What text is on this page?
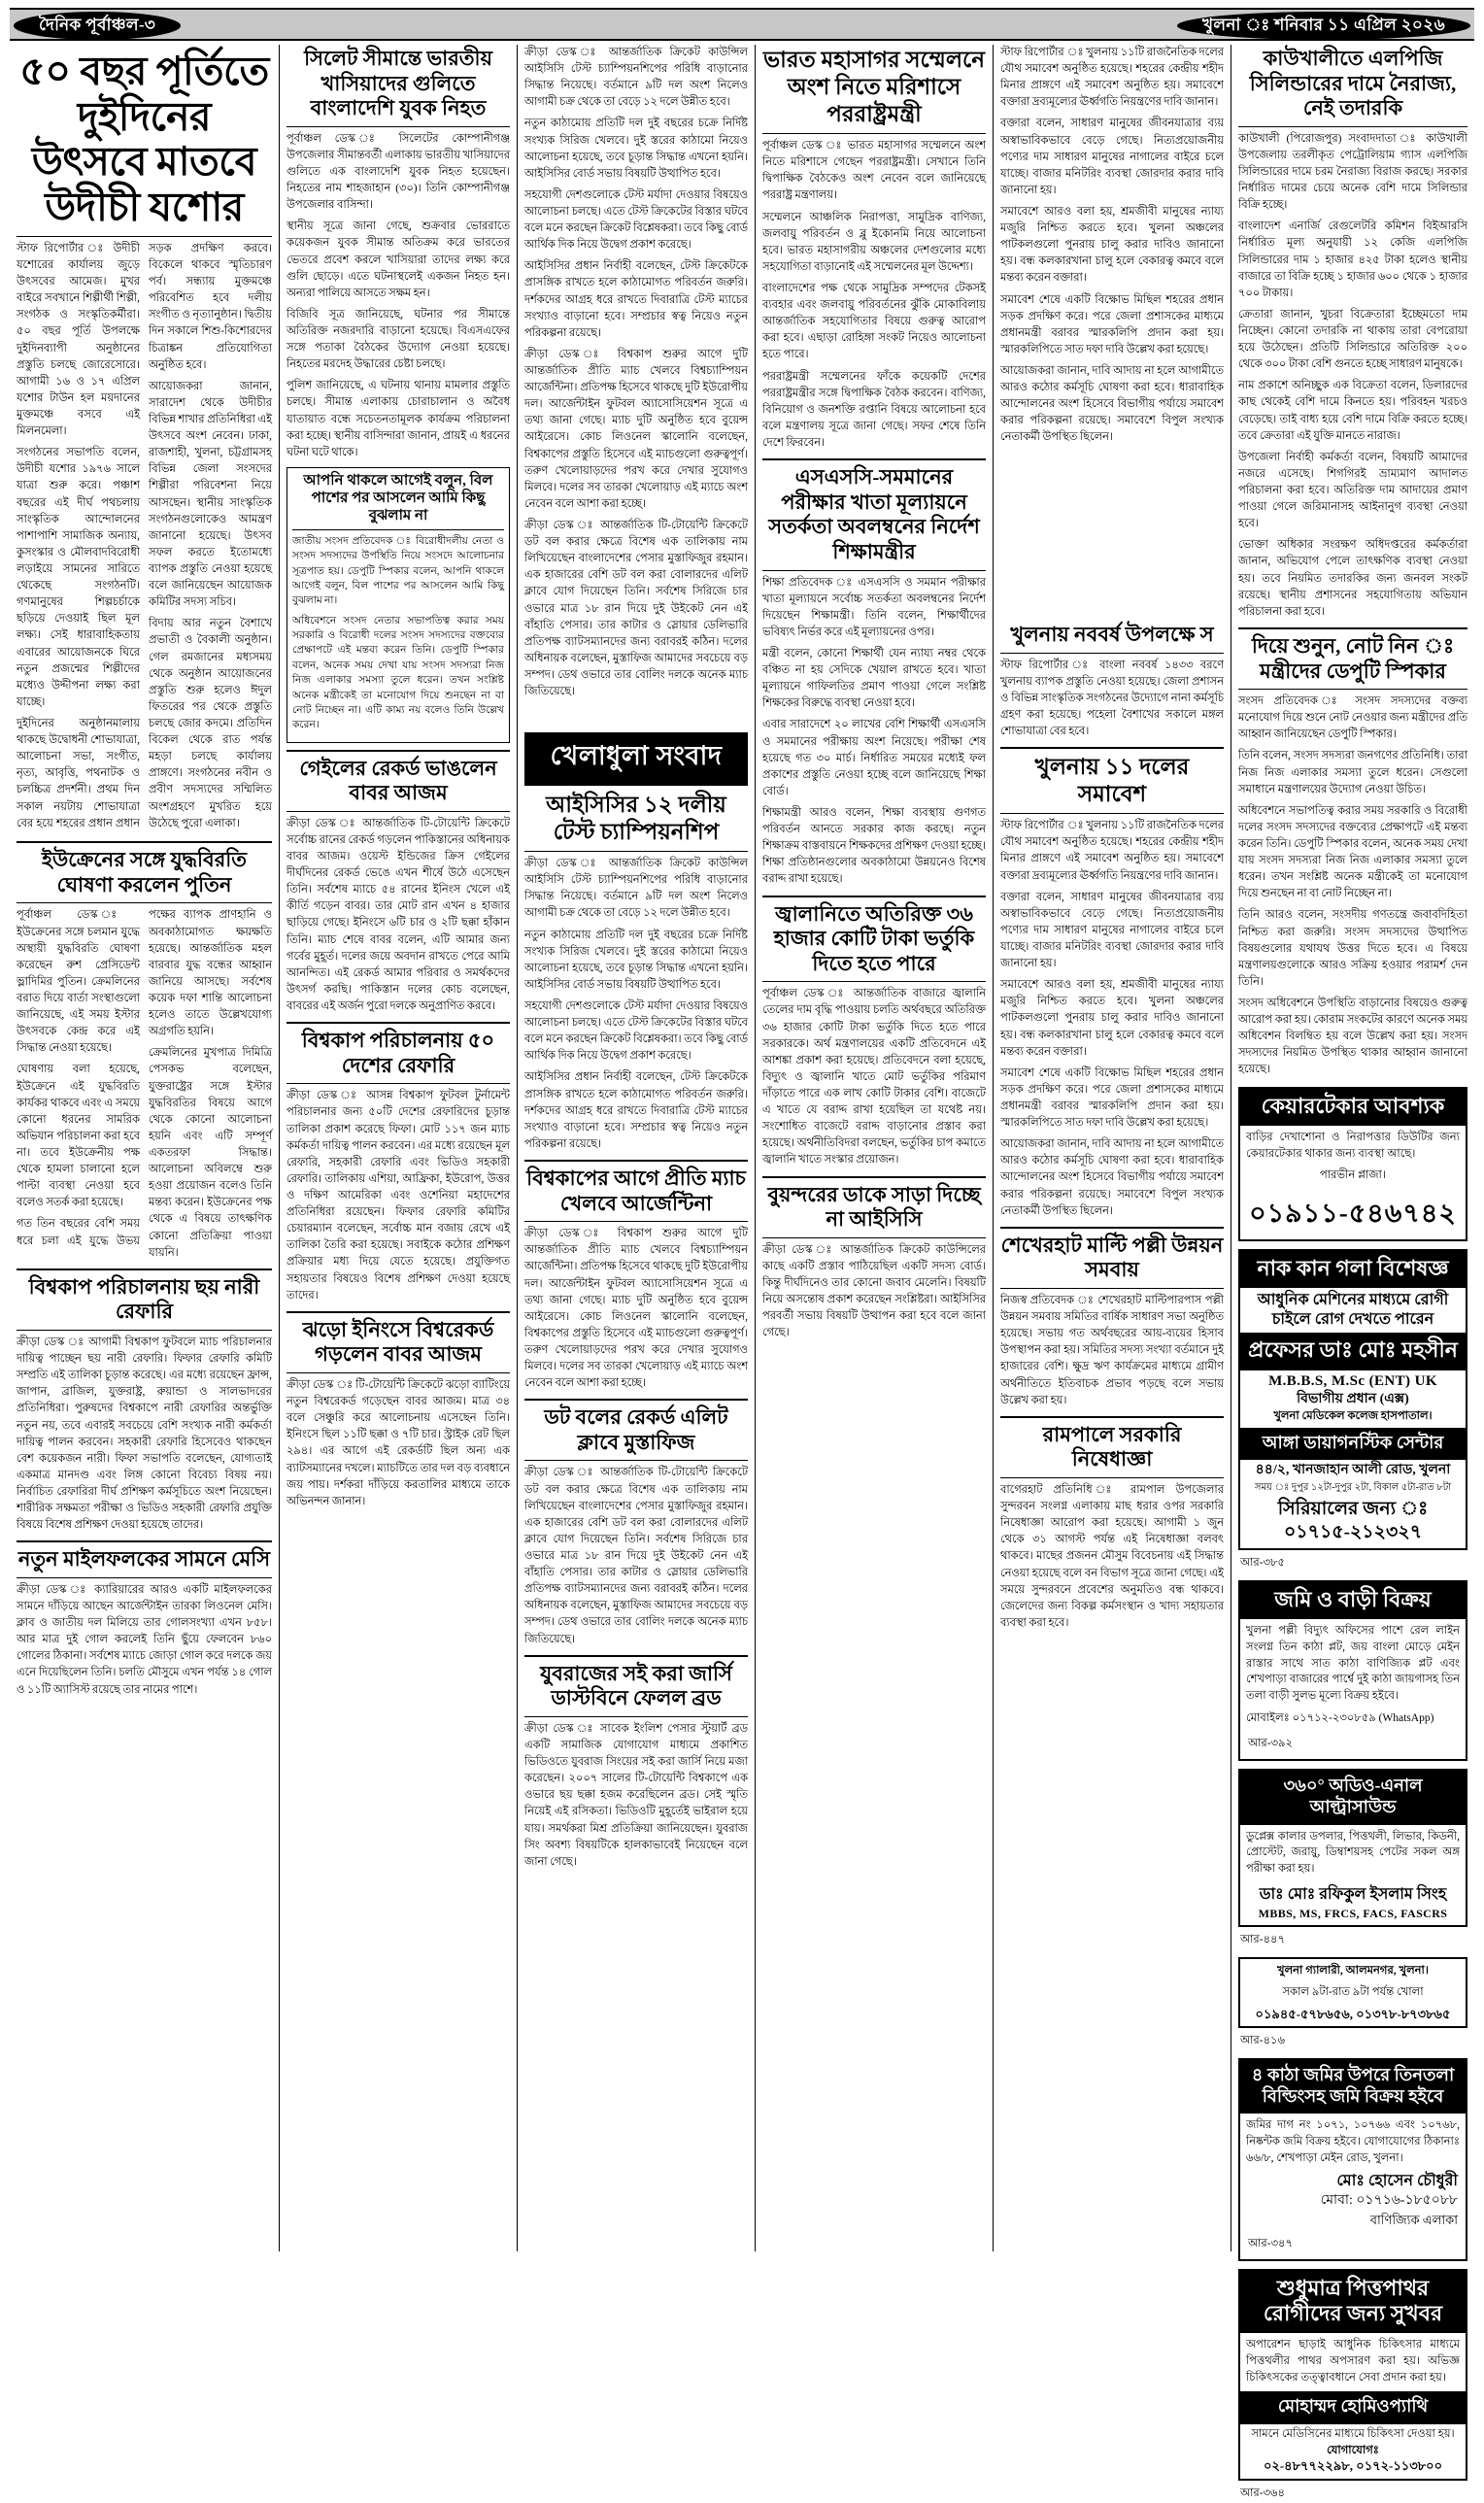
দৈনিক পূর্বাঞ্চল-৩	খুলনা ঃ শনিবার ১১ এপ্রিল ২০২৬
৫০ বছর পূর্তিতে দুইদিনের উৎসবে মাতবে উদীচী যশোর

স্টাফ রিপোর্টার ঃ উদীচী যশোরের কার্যালয় জুড়ে উৎসবের আমেজ। মুখর বাইরে সবখানে শিল্পীর্থী শিল্পী, সংগঠক ও সংস্কৃতিকর্মীরা। ৫০ বছর পূর্তি উপলক্ষে দুইদিনব্যাপী অনুষ্ঠানের প্রস্তুতি চলছে জোরেসোরে। আগামী ১৬ ও ১৭ এপ্রিল যশোর টাউন হল ময়দানের মুক্তমঞ্চে বসবে এই মিলনমেলা।

সংগঠনের সভাপতি বলেন, উদীচী যশোর ১৯৭৬ সালে যাত্রা শুরু করে। পঞ্চাশ বছরের এই দীর্ঘ পথচলায় সাংস্কৃতিক আন্দোলনের পাশাপাশি সামাজিক অন্যায়, কুসংস্কার ও মৌলবাদবিরোধী লড়াইয়ে সামনের সারিতে থেকেছে সংগঠনটি। গণমানুষের শিল্পচর্চাকে ছড়িয়ে দেওয়াই ছিল মূল লক্ষ্য। সেই ধারাবাহিকতায় এবারের আয়োজনকে ঘিরে নতুন প্রজন্মের শিল্পীদের মধ্যেও উদ্দীপনা লক্ষ্য করা যাচ্ছে।

দুইদিনের অনুষ্ঠানমালায় থাকছে উদ্বোধনী শোভাযাত্রা, আলোচনা সভা, সংগীত, নৃত্য, আবৃত্তি, পথনাটক ও চলচ্চিত্র প্রদর্শনী। প্রথম দিন সকাল নয়টায় শোভাযাত্রা বের হয়ে শহরের প্রধান প্রধান সড়ক প্রদক্ষিণ করবে। বিকেলে থাকবে স্মৃতিচারণ পর্ব। সন্ধ্যায় মুক্তমঞ্চে পরিবেশিত হবে দলীয় সংগীত ও নৃত্যানুষ্ঠান। দ্বিতীয় দিন সকালে শিশু-কিশোরদের চিত্রাঙ্কন প্রতিযোগিতা অনুষ্ঠিত হবে।

আয়োজকরা জানান, সারাদেশ থেকে উদীচীর বিভিন্ন শাখার প্রতিনিধিরা এই উৎসবে অংশ নেবেন। ঢাকা, রাজশাহী, খুলনা, চট্টগ্রামসহ বিভিন্ন জেলা সংসদের শিল্পীরা পরিবেশনা নিয়ে আসছেন। স্থানীয় সাংস্কৃতিক সংগঠনগুলোকেও আমন্ত্রণ জানানো হয়েছে। উৎসব সফল করতে ইতোমধ্যে ব্যাপক প্রস্তুতি নেওয়া হয়েছে বলে জানিয়েছেন আয়োজক কমিটির সদস্য সচিব।

বিদায় আর নতুন বৈশাখে প্রভাতী ও বৈকালী অনুষ্ঠান। গেল রমজানের মধ্যসময় থেকে অনুষ্ঠান আয়োজনের প্রস্তুতি শুরু হলেও ঈদুল ফিতরের পর থেকে প্রস্তুতি চলছে জোর কদমে। প্রতিদিন বিকেল থেকে রাত পর্যন্ত মহড়া চলছে কার্যালয় প্রাঙ্গণে। সংগঠনের নবীন ও প্রবীণ সদস্যদের সম্মিলিত অংশগ্রহণে মুখরিত হয়ে উঠেছে পুরো এলাকা।

ইউক্রেনের সঙ্গে যুদ্ধবিরতি ঘোষণা করলেন পুতিন

পূর্বাঞ্চল ডেস্ক ঃ ইউক্রেনের সঙ্গে চলমান যুদ্ধে অস্থায়ী যুদ্ধবিরতি ঘোষণা করেছেন রুশ প্রেসিডেন্ট ভ্লাদিমির পুতিন। ক্রেমলিনের বরাত দিয়ে বার্তা সংস্থাগুলো জানিয়েছে, এই সময় ইস্টার উৎসবকে কেন্দ্র করে এই সিদ্ধান্ত নেওয়া হয়েছে।

ঘোষণায় বলা হয়েছে, ইউক্রেনে এই যুদ্ধবিরতি কার্যকর থাকবে এবং এ সময়ে কোনো ধরনের সামরিক অভিযান পরিচালনা করা হবে না। তবে ইউক্রেনীয় পক্ষ থেকে হামলা চালানো হলে পাল্টা ব্যবস্থা নেওয়া হবে বলেও সতর্ক করা হয়েছে।

গত তিন বছরের বেশি সময় ধরে চলা এই যুদ্ধে উভয় পক্ষের ব্যাপক প্রাণহানি ও অবকাঠামোগত ক্ষয়ক্ষতি হয়েছে। আন্তর্জাতিক মহল বারবার যুদ্ধ বন্ধের আহ্বান জানিয়ে আসছে। সর্বশেষ কয়েক দফা শান্তি আলোচনা হলেও তাতে উল্লেখযোগ্য অগ্রগতি হয়নি।

ক্রেমলিনের মুখপাত্র দিমিত্রি পেসকভ বলেছেন, যুক্তরাষ্ট্রের সঙ্গে ইস্টার যুদ্ধবিরতির বিষয়ে আগে থেকে কোনো আলোচনা হয়নি এবং এটি সম্পূর্ণ একতরফা সিদ্ধান্ত। আলোচনা অবিলম্বে শুরু হওয়া প্রয়োজন বলেও তিনি মন্তব্য করেন। ইউক্রেনের পক্ষ থেকে এ বিষয়ে তাৎক্ষণিক কোনো প্রতিক্রিয়া পাওয়া যায়নি।

বিশ্বকাপ পরিচালনায় ছয় নারী রেফারি

ক্রীড়া ডেস্ক ঃ আগামী বিশ্বকাপ ফুটবলে ম্যাচ পরিচালনার দায়িত্ব পাচ্ছেন ছয় নারী রেফারি। ফিফার রেফারি কমিটি সম্প্রতি এই তালিকা চূড়ান্ত করেছে। এর মধ্যে রয়েছেন ফ্রান্স, জাপান, ব্রাজিল, যুক্তরাষ্ট্র, রুয়ান্ডা ও সালভাদরের প্রতিনিধিরা। পুরুষদের বিশ্বকাপে নারী রেফারির অন্তর্ভুক্তি নতুন নয়, তবে এবারই সবচেয়ে বেশি সংখ্যক নারী কর্মকর্তা দায়িত্ব পালন করবেন। সহকারী রেফারি হিসেবেও থাকছেন বেশ কয়েকজন নারী। ফিফা সভাপতি বলেছেন, যোগ্যতাই একমাত্র মানদণ্ড এবং লিঙ্গ কোনো বিবেচ্য বিষয় নয়। নির্বাচিত রেফারিরা দীর্ঘ প্রশিক্ষণ কর্মসূচিতে অংশ নিয়েছেন। শারীরিক সক্ষমতা পরীক্ষা ও ভিডিও সহকারী রেফারি প্রযুক্তি বিষয়ে বিশেষ প্রশিক্ষণ দেওয়া হয়েছে তাদের।

নতুন মাইলফলকের সামনে মেসি

ক্রীড়া ডেস্ক ঃ ক্যারিয়ারের আরও একটি মাইলফলকের সামনে দাঁড়িয়ে আছেন আর্জেন্টাইন তারকা লিওনেল মেসি। ক্লাব ও জাতীয় দল মিলিয়ে তার গোলসংখ্যা এখন ৮৫৮। আর মাত্র দুই গোল করলেই তিনি ছুঁয়ে ফেলবেন ৮৬০ গোলের ঠিকানা। সর্বশেষ ম্যাচে জোড়া গোল করে দলকে জয় এনে দিয়েছিলেন তিনি। চলতি মৌসুমে এখন পর্যন্ত ১৪ গোল ও ১১টি অ্যাসিস্ট রয়েছে তার নামের পাশে।

সিলেট সীমান্তে ভারতীয় খাসিয়াদের গুলিতে বাংলাদেশি যুবক নিহত

পূর্বাঞ্চল ডেস্ক ঃ সিলেটের কোম্পানীগঞ্জ উপজেলার সীমান্তবর্তী এলাকায় ভারতীয় খাসিয়াদের গুলিতে এক বাংলাদেশি যুবক নিহত হয়েছেন। নিহতের নাম শাহজাহান (৩০)। তিনি কোম্পানীগঞ্জ উপজেলার বাসিন্দা।

স্থানীয় সূত্রে জানা গেছে, শুক্রবার ভোররাতে কয়েকজন যুবক সীমান্ত অতিক্রম করে ভারতের ভেতরে প্রবেশ করলে খাসিয়ারা তাদের লক্ষ্য করে গুলি ছোড়ে। এতে ঘটনাস্থলেই একজন নিহত হন। অন্যরা পালিয়ে আসতে সক্ষম হন।

বিজিবি সূত্র জানিয়েছে, ঘটনার পর সীমান্তে অতিরিক্ত নজরদারি বাড়ানো হয়েছে। বিএসএফের সঙ্গে পতাকা বৈঠকের উদ্যোগ নেওয়া হয়েছে। নিহতের মরদেহ উদ্ধারের চেষ্টা চলছে।

পুলিশ জানিয়েছে, এ ঘটনায় থানায় মামলার প্রস্তুতি চলছে। সীমান্ত এলাকায় চোরাচালান ও অবৈধ যাতায়াত বন্ধে সচেতনতামূলক কার্যক্রম পরিচালনা করা হচ্ছে। স্থানীয় বাসিন্দারা জানান, প্রায়ই এ ধরনের ঘটনা ঘটে থাকে।

আপনি থাকলে আগেই বলুন, বিল পাশের পর আসলেন আমি কিছু বুঝলাম না

জাতীয় সংসদ প্রতিবেদক ঃ বিরোধীদলীয় নেতা ও সংসদ সদস্যদের উপস্থিতি নিয়ে সংসদে আলোচনার সূত্রপাত হয়। ডেপুটি স্পিকার বলেন, আপনি থাকলে আগেই বলুন, বিল পাশের পর আসলেন আমি কিছু বুঝলাম না।

অধিবেশনে সংসদ নেতার সভাপতিত্ব করার সময় সরকারি ও বিরোধী দলের সংসদ সদস্যদের বক্তব্যের প্রেক্ষাপটে এই মন্তব্য করেন তিনি। ডেপুটি স্পিকার বলেন, অনেক সময় দেখা যায় সংসদ সদস্যরা নিজ নিজ এলাকার সমস্যা তুলে ধরেন। তখন সংশ্লিষ্ট অনেক মন্ত্রীকেই তা মনোযোগ দিয়ে শুনছেন না বা নোট নিচ্ছেন না। এটি কাম্য নয় বলেও তিনি উল্লেখ করেন।

গেইলের রেকর্ড ভাঙলেন বাবর আজম

ক্রীড়া ডেস্ক ঃ আন্তর্জাতিক টি-টোয়েন্টি ক্রিকেটে সর্বোচ্চ রানের রেকর্ড গড়লেন পাকিস্তানের অধিনায়ক বাবর আজম। ওয়েস্ট ইন্ডিজের ক্রিস গেইলের দীর্ঘদিনের রেকর্ড ভেঙে এখন শীর্ষে উঠে এসেছেন তিনি। সর্বশেষ ম্যাচে ৫৪ রানের ইনিংস খেলে এই কীর্তি গড়েন বাবর। তার মোট রান এখন ৪ হাজার ছাড়িয়ে গেছে। ইনিংসে ৬টি চার ও ২টি ছক্কা হাঁকান তিনি। ম্যাচ শেষে বাবর বলেন, এটি আমার জন্য গর্বের মুহূর্ত। দলের জয়ে অবদান রাখতে পেরে আমি আনন্দিত। এই রেকর্ড আমার পরিবার ও সমর্থকদের উৎসর্গ করছি। পাকিস্তান দলের কোচ বলেছেন, বাবরের এই অর্জন পুরো দলকে অনুপ্রাণিত করবে।

বিশ্বকাপ পরিচালনায় ৫০ দেশের রেফারি

ক্রীড়া ডেস্ক ঃ আসন্ন বিশ্বকাপ ফুটবল টুর্নামেন্ট পরিচালনার জন্য ৫০টি দেশের রেফারিদের চূড়ান্ত তালিকা প্রকাশ করেছে ফিফা। মোট ১১৭ জন ম্যাচ কর্মকর্তা দায়িত্ব পালন করবেন। এর মধ্যে রয়েছেন মূল রেফারি, সহকারী রেফারি এবং ভিডিও সহকারী রেফারি। তালিকায় এশিয়া, আফ্রিকা, ইউরোপ, উত্তর ও দক্ষিণ আমেরিকা এবং ওশেনিয়া মহাদেশের প্রতিনিধিরা রয়েছেন। ফিফার রেফারি কমিটির চেয়ারম্যান বলেছেন, সর্বোচ্চ মান বজায় রেখে এই তালিকা তৈরি করা হয়েছে। সবাইকে কঠোর প্রশিক্ষণ প্রক্রিয়ার মধ্য দিয়ে যেতে হয়েছে। প্রযুক্তিগত সহায়তার বিষয়েও বিশেষ প্রশিক্ষণ দেওয়া হয়েছে তাদের।

ঝড়ো ইনিংসে বিশ্বরেকর্ড গড়লেন বাবর আজম

ক্রীড়া ডেস্ক ঃ টি-টোয়েন্টি ক্রিকেটে ঝড়ো ব্যাটিংয়ে নতুন বিশ্বরেকর্ড গড়েছেন বাবর আজম। মাত্র ৩৪ বলে সেঞ্চুরি করে আলোচনায় এসেছেন তিনি। ইনিংসে ছিল ১১টি ছক্কা ও ৭টি চার। স্ট্রাইক রেট ছিল ২৯৪। এর আগে এই রেকর্ডটি ছিল অন্য এক ব্যাটসম্যানের দখলে। ম্যাচটিতে তার দল বড় ব্যবধানে জয় পায়। দর্শকরা দাঁড়িয়ে করতালির মাধ্যমে তাকে অভিনন্দন জানান।

ক্রীড়া ডেস্ক ঃ আন্তর্জাতিক ক্রিকেট কাউন্সিল আইসিসি টেস্ট চ্যাম্পিয়নশিপের পরিধি বাড়ানোর সিদ্ধান্ত নিয়েছে। বর্তমানে ৯টি দল অংশ নিলেও আগামী চক্র থেকে তা বেড়ে ১২ দলে উন্নীত হবে।

নতুন কাঠামোয় প্রতিটি দল দুই বছরের চক্রে নির্দিষ্ট সংখ্যক সিরিজ খেলবে। দুই স্তরের কাঠামো নিয়েও আলোচনা হয়েছে, তবে চূড়ান্ত সিদ্ধান্ত এখনো হয়নি। আইসিসির বোর্ড সভায় বিষয়টি উত্থাপিত হবে।

সহযোগী দেশগুলোকে টেস্ট মর্যাদা দেওয়ার বিষয়েও আলোচনা চলছে। এতে টেস্ট ক্রিকেটের বিস্তার ঘটবে বলে মনে করছেন ক্রিকেট বিশ্লেষকরা। তবে কিছু বোর্ড আর্থিক দিক নিয়ে উদ্বেগ প্রকাশ করেছে।

আইসিসির প্রধান নির্বাহী বলেছেন, টেস্ট ক্রিকেটকে প্রাসঙ্গিক রাখতে হলে কাঠামোগত পরিবর্তন জরুরি। দর্শকদের আগ্রহ ধরে রাখতে দিবারাত্রি টেস্ট ম্যাচের সংখ্যাও বাড়ানো হবে। সম্প্রচার স্বত্ব নিয়েও নতুন পরিকল্পনা রয়েছে।

ক্রীড়া ডেস্ক ঃ বিশ্বকাপ শুরুর আগে দুটি আন্তর্জাতিক প্রীতি ম্যাচ খেলবে বিশ্বচ্যাম্পিয়ন আর্জেন্টিনা। প্রতিপক্ষ হিসেবে থাকছে দুটি ইউরোপীয় দল। আর্জেন্টাইন ফুটবল অ্যাসোসিয়েশন সূত্রে এ তথ্য জানা গেছে। ম্যাচ দুটি অনুষ্ঠিত হবে বুয়েন্স আইরেসে। কোচ লিওনেল স্কালোনি বলেছেন, বিশ্বকাপের প্রস্তুতি হিসেবে এই ম্যাচগুলো গুরুত্বপূর্ণ। তরুণ খেলোয়াড়দের পরখ করে দেখার সুযোগও মিলবে। দলের সব তারকা খেলোয়াড় এই ম্যাচে অংশ নেবেন বলে আশা করা হচ্ছে।

ক্রীড়া ডেস্ক ঃ আন্তর্জাতিক টি-টোয়েন্টি ক্রিকেটে ডট বল করার ক্ষেত্রে বিশেষ এক তালিকায় নাম লিখিয়েছেন বাংলাদেশের পেসার মুস্তাফিজুর রহমান। এক হাজারের বেশি ডট বল করা বোলারদের এলিট ক্লাবে যোগ দিয়েছেন তিনি। সর্বশেষ সিরিজে চার ওভারে মাত্র ১৮ রান দিয়ে দুই উইকেট নেন এই বাঁহাতি পেসার। তার কাটার ও স্লোয়ার ডেলিভারি প্রতিপক্ষ ব্যাটসম্যানদের জন্য বরাবরই কঠিন। দলের অধিনায়ক বলেছেন, মুস্তাফিজ আমাদের সবচেয়ে বড় সম্পদ। ডেথ ওভারে তার বোলিং দলকে অনেক ম্যাচ জিতিয়েছে।

খেলাধুলা সংবাদ
আইসিসির ১২ দলীয় টেস্ট চ্যাম্পিয়নশিপ

ক্রীড়া ডেস্ক ঃ আন্তর্জাতিক ক্রিকেট কাউন্সিল আইসিসি টেস্ট চ্যাম্পিয়নশিপের পরিধি বাড়ানোর সিদ্ধান্ত নিয়েছে। বর্তমানে ৯টি দল অংশ নিলেও আগামী চক্র থেকে তা বেড়ে ১২ দলে উন্নীত হবে।

নতুন কাঠামোয় প্রতিটি দল দুই বছরের চক্রে নির্দিষ্ট সংখ্যক সিরিজ খেলবে। দুই স্তরের কাঠামো নিয়েও আলোচনা হয়েছে, তবে চূড়ান্ত সিদ্ধান্ত এখনো হয়নি। আইসিসির বোর্ড সভায় বিষয়টি উত্থাপিত হবে।

সহযোগী দেশগুলোকে টেস্ট মর্যাদা দেওয়ার বিষয়েও আলোচনা চলছে। এতে টেস্ট ক্রিকেটের বিস্তার ঘটবে বলে মনে করছেন ক্রিকেট বিশ্লেষকরা। তবে কিছু বোর্ড আর্থিক দিক নিয়ে উদ্বেগ প্রকাশ করেছে।

আইসিসির প্রধান নির্বাহী বলেছেন, টেস্ট ক্রিকেটকে প্রাসঙ্গিক রাখতে হলে কাঠামোগত পরিবর্তন জরুরি। দর্শকদের আগ্রহ ধরে রাখতে দিবারাত্রি টেস্ট ম্যাচের সংখ্যাও বাড়ানো হবে। সম্প্রচার স্বত্ব নিয়েও নতুন পরিকল্পনা রয়েছে।

বিশ্বকাপের আগে প্রীতি ম্যাচ খেলবে আর্জেন্টিনা

ক্রীড়া ডেস্ক ঃ বিশ্বকাপ শুরুর আগে দুটি আন্তর্জাতিক প্রীতি ম্যাচ খেলবে বিশ্বচ্যাম্পিয়ন আর্জেন্টিনা। প্রতিপক্ষ হিসেবে থাকছে দুটি ইউরোপীয় দল। আর্জেন্টাইন ফুটবল অ্যাসোসিয়েশন সূত্রে এ তথ্য জানা গেছে। ম্যাচ দুটি অনুষ্ঠিত হবে বুয়েন্স আইরেসে। কোচ লিওনেল স্কালোনি বলেছেন, বিশ্বকাপের প্রস্তুতি হিসেবে এই ম্যাচগুলো গুরুত্বপূর্ণ। তরুণ খেলোয়াড়দের পরখ করে দেখার সুযোগও মিলবে। দলের সব তারকা খেলোয়াড় এই ম্যাচে অংশ নেবেন বলে আশা করা হচ্ছে।

ডট বলের রেকর্ড এলিট ক্লাবে মুস্তাফিজ

ক্রীড়া ডেস্ক ঃ আন্তর্জাতিক টি-টোয়েন্টি ক্রিকেটে ডট বল করার ক্ষেত্রে বিশেষ এক তালিকায় নাম লিখিয়েছেন বাংলাদেশের পেসার মুস্তাফিজুর রহমান। এক হাজারের বেশি ডট বল করা বোলারদের এলিট ক্লাবে যোগ দিয়েছেন তিনি। সর্বশেষ সিরিজে চার ওভারে মাত্র ১৮ রান দিয়ে দুই উইকেট নেন এই বাঁহাতি পেসার। তার কাটার ও স্লোয়ার ডেলিভারি প্রতিপক্ষ ব্যাটসম্যানদের জন্য বরাবরই কঠিন। দলের অধিনায়ক বলেছেন, মুস্তাফিজ আমাদের সবচেয়ে বড় সম্পদ। ডেথ ওভারে তার বোলিং দলকে অনেক ম্যাচ জিতিয়েছে।

যুবরাজের সই করা জার্সি ডাস্টবিনে ফেলল ব্রড

ক্রীড়া ডেস্ক ঃ সাবেক ইংলিশ পেসার স্টুয়ার্ট ব্রড একটি সামাজিক যোগাযোগ মাধ্যমে প্রকাশিত ভিডিওতে যুবরাজ সিংয়ের সই করা জার্সি নিয়ে মজা করেছেন। ২০০৭ সালের টি-টোয়েন্টি বিশ্বকাপে এক ওভারে ছয় ছক্কা হজম করেছিলেন ব্রড। সেই স্মৃতি নিয়েই এই রসিকতা। ভিডিওটি মুহূর্তেই ভাইরাল হয়ে যায়। সমর্থকরা মিশ্র প্রতিক্রিয়া জানিয়েছেন। যুবরাজ সিং অবশ্য বিষয়টিকে হালকাভাবেই নিয়েছেন বলে জানা গেছে।

ভারত মহাসাগর সম্মেলনে অংশ নিতে মরিশাসে পররাষ্ট্রমন্ত্রী

পূর্বাঞ্চল ডেস্ক ঃ ভারত মহাসাগর সম্মেলনে অংশ নিতে মরিশাসে গেছেন পররাষ্ট্রমন্ত্রী। সেখানে তিনি দ্বিপাক্ষিক বৈঠকেও অংশ নেবেন বলে জানিয়েছে পররাষ্ট্র মন্ত্রণালয়।

সম্মেলনে আঞ্চলিক নিরাপত্তা, সামুদ্রিক বাণিজ্য, জলবায়ু পরিবর্তন ও ব্লু ইকোনমি নিয়ে আলোচনা হবে। ভারত মহাসাগরীয় অঞ্চলের দেশগুলোর মধ্যে সহযোগিতা বাড়ানোই এই সম্মেলনের মূল উদ্দেশ্য।

বাংলাদেশের পক্ষ থেকে সামুদ্রিক সম্পদের টেকসই ব্যবহার এবং জলবায়ু পরিবর্তনের ঝুঁকি মোকাবিলায় আন্তর্জাতিক সহযোগিতার বিষয়ে গুরুত্ব আরোপ করা হবে। এছাড়া রোহিঙ্গা সংকট নিয়েও আলোচনা হতে পারে।

পররাষ্ট্রমন্ত্রী সম্মেলনের ফাঁকে কয়েকটি দেশের পররাষ্ট্রমন্ত্রীর সঙ্গে দ্বিপাক্ষিক বৈঠক করবেন। বাণিজ্য, বিনিয়োগ ও জনশক্তি রপ্তানি বিষয়ে আলোচনা হবে বলে মন্ত্রণালয় সূত্রে জানা গেছে। সফর শেষে তিনি দেশে ফিরবেন।

এসএসসি-সমমানের পরীক্ষার খাতা মূল্যায়নে সতর্কতা অবলম্বনের নির্দেশ শিক্ষামন্ত্রীর

শিক্ষা প্রতিবেদক ঃ এসএসসি ও সমমান পরীক্ষার খাতা মূল্যায়নে সর্বোচ্চ সতর্কতা অবলম্বনের নির্দেশ দিয়েছেন শিক্ষামন্ত্রী। তিনি বলেন, শিক্ষার্থীদের ভবিষ্যৎ নির্ভর করে এই মূল্যায়নের ওপর।

মন্ত্রী বলেন, কোনো শিক্ষার্থী যেন ন্যায্য নম্বর থেকে বঞ্চিত না হয় সেদিকে খেয়াল রাখতে হবে। খাতা মূল্যায়নে গাফিলতির প্রমাণ পাওয়া গেলে সংশ্লিষ্ট শিক্ষকের বিরুদ্ধে ব্যবস্থা নেওয়া হবে।

এবার সারাদেশে ২০ লাখের বেশি শিক্ষার্থী এসএসসি ও সমমানের পরীক্ষায় অংশ নিয়েছে। পরীক্ষা শেষ হয়েছে গত ৩০ মার্চ। নির্ধারিত সময়ের মধ্যেই ফল প্রকাশের প্রস্তুতি নেওয়া হচ্ছে বলে জানিয়েছে শিক্ষা বোর্ড।

শিক্ষামন্ত্রী আরও বলেন, শিক্ষা ব্যবস্থায় গুণগত পরিবর্তন আনতে সরকার কাজ করছে। নতুন শিক্ষাক্রম বাস্তবায়নে শিক্ষকদের প্রশিক্ষণ দেওয়া হচ্ছে। শিক্ষা প্রতিষ্ঠানগুলোর অবকাঠামো উন্নয়নেও বিশেষ বরাদ্দ রাখা হয়েছে।

জ্বালানিতে অতিরিক্ত ৩৬ হাজার কোটি টাকা ভর্তুকি দিতে হতে পারে

পূর্বাঞ্চল ডেস্ক ঃ আন্তর্জাতিক বাজারে জ্বালানি তেলের দাম বৃদ্ধি পাওয়ায় চলতি অর্থবছরে অতিরিক্ত ৩৬ হাজার কোটি টাকা ভর্তুকি দিতে হতে পারে সরকারকে। অর্থ মন্ত্রণালয়ের একটি প্রতিবেদনে এই আশঙ্কা প্রকাশ করা হয়েছে। প্রতিবেদনে বলা হয়েছে, বিদ্যুৎ ও জ্বালানি খাতে মোট ভর্তুকির পরিমাণ দাঁড়াতে পারে এক লাখ কোটি টাকার বেশি। বাজেটে এ খাতে যে বরাদ্দ রাখা হয়েছিল তা যথেষ্ট নয়। সংশোধিত বাজেটে বরাদ্দ বাড়ানোর প্রস্তাব করা হয়েছে। অর্থনীতিবিদরা বলছেন, ভর্তুকির চাপ কমাতে জ্বালানি খাতে সংস্কার প্রয়োজন।

বুয়ন্দরের ডাকে সাড়া দিচ্ছে না আইসিসি

ক্রীড়া ডেস্ক ঃ আন্তর্জাতিক ক্রিকেট কাউন্সিলের কাছে একটি প্রস্তাব পাঠিয়েছিল একটি সদস্য বোর্ড। কিন্তু দীর্ঘদিনেও তার কোনো জবাব মেলেনি। বিষয়টি নিয়ে অসন্তোষ প্রকাশ করেছেন সংশ্লিষ্টরা। আইসিসির পরবর্তী সভায় বিষয়টি উত্থাপন করা হবে বলে জানা গেছে।

স্টাফ রিপোর্টার ঃ খুলনায় ১১টি রাজনৈতিক দলের যৌথ সমাবেশ অনুষ্ঠিত হয়েছে। শহরের কেন্দ্রীয় শহীদ মিনার প্রাঙ্গণে এই সমাবেশ অনুষ্ঠিত হয়। সমাবেশে বক্তারা দ্রব্যমূল্যের ঊর্ধ্বগতি নিয়ন্ত্রণের দাবি জানান।

বক্তারা বলেন, সাধারণ মানুষের জীবনযাত্রার ব্যয় অস্বাভাবিকভাবে বেড়ে গেছে। নিত্যপ্রয়োজনীয় পণ্যের দাম সাধারণ মানুষের নাগালের বাইরে চলে যাচ্ছে। বাজার মনিটরিং ব্যবস্থা জোরদার করার দাবি জানানো হয়।

সমাবেশে আরও বলা হয়, শ্রমজীবী মানুষের ন্যায্য মজুরি নিশ্চিত করতে হবে। খুলনা অঞ্চলের পাটকলগুলো পুনরায় চালু করার দাবিও জানানো হয়। বন্ধ কলকারখানা চালু হলে বেকারত্ব কমবে বলে মন্তব্য করেন বক্তারা।

সমাবেশ শেষে একটি বিক্ষোভ মিছিল শহরের প্রধান সড়ক প্রদক্ষিণ করে। পরে জেলা প্রশাসকের মাধ্যমে প্রধানমন্ত্রী বরাবর স্মারকলিপি প্রদান করা হয়। স্মারকলিপিতে সাত দফা দাবি উল্লেখ করা হয়েছে।

আয়োজকরা জানান, দাবি আদায় না হলে আগামীতে আরও কঠোর কর্মসূচি ঘোষণা করা হবে। ধারাবাহিক আন্দোলনের অংশ হিসেবে বিভাগীয় পর্যায়ে সমাবেশ করার পরিকল্পনা রয়েছে। সমাবেশে বিপুল সংখ্যক নেতাকর্মী উপস্থিত ছিলেন।

খুলনায় নববর্ষ উপলক্ষে স

স্টাফ রিপোর্টার ঃ বাংলা নববর্ষ ১৪৩৩ বরণে খুলনায় ব্যাপক প্রস্তুতি নেওয়া হয়েছে। জেলা প্রশাসন ও বিভিন্ন সাংস্কৃতিক সংগঠনের উদ্যোগে নানা কর্মসূচি গ্রহণ করা হয়েছে। পহেলা বৈশাখের সকালে মঙ্গল শোভাযাত্রা বের হবে।

খুলনায় ১১ দলের সমাবেশ

স্টাফ রিপোর্টার ঃ খুলনায় ১১টি রাজনৈতিক দলের যৌথ সমাবেশ অনুষ্ঠিত হয়েছে। শহরের কেন্দ্রীয় শহীদ মিনার প্রাঙ্গণে এই সমাবেশ অনুষ্ঠিত হয়। সমাবেশে বক্তারা দ্রব্যমূল্যের ঊর্ধ্বগতি নিয়ন্ত্রণের দাবি জানান।

বক্তারা বলেন, সাধারণ মানুষের জীবনযাত্রার ব্যয় অস্বাভাবিকভাবে বেড়ে গেছে। নিত্যপ্রয়োজনীয় পণ্যের দাম সাধারণ মানুষের নাগালের বাইরে চলে যাচ্ছে। বাজার মনিটরিং ব্যবস্থা জোরদার করার দাবি জানানো হয়।

সমাবেশে আরও বলা হয়, শ্রমজীবী মানুষের ন্যায্য মজুরি নিশ্চিত করতে হবে। খুলনা অঞ্চলের পাটকলগুলো পুনরায় চালু করার দাবিও জানানো হয়। বন্ধ কলকারখানা চালু হলে বেকারত্ব কমবে বলে মন্তব্য করেন বক্তারা।

সমাবেশ শেষে একটি বিক্ষোভ মিছিল শহরের প্রধান সড়ক প্রদক্ষিণ করে। পরে জেলা প্রশাসকের মাধ্যমে প্রধানমন্ত্রী বরাবর স্মারকলিপি প্রদান করা হয়। স্মারকলিপিতে সাত দফা দাবি উল্লেখ করা হয়েছে।

আয়োজকরা জানান, দাবি আদায় না হলে আগামীতে আরও কঠোর কর্মসূচি ঘোষণা করা হবে। ধারাবাহিক আন্দোলনের অংশ হিসেবে বিভাগীয় পর্যায়ে সমাবেশ করার পরিকল্পনা রয়েছে। সমাবেশে বিপুল সংখ্যক নেতাকর্মী উপস্থিত ছিলেন।

শেখেরহাট মাল্টি পল্লী উন্নয়ন সমবায়

নিজস্ব প্রতিবেদক ঃ শেখেরহাট মাল্টিপারপাস পল্লী উন্নয়ন সমবায় সমিতির বার্ষিক সাধারণ সভা অনুষ্ঠিত হয়েছে। সভায় গত অর্থবছরের আয়-ব্যয়ের হিসাব উপস্থাপন করা হয়। সমিতির সদস্য সংখ্যা বর্তমানে দুই হাজারের বেশি। ক্ষুদ্র ঋণ কার্যক্রমের মাধ্যমে গ্রামীণ অর্থনীতিতে ইতিবাচক প্রভাব পড়ছে বলে সভায় উল্লেখ করা হয়।

রামপালে সরকারি নিষেধাজ্ঞা

বাগেরহাট প্রতিনিধি ঃ রামপাল উপজেলার সুন্দরবন সংলগ্ন এলাকায় মাছ ধরার ওপর সরকারি নিষেধাজ্ঞা আরোপ করা হয়েছে। আগামী ১ জুন থেকে ৩১ আগস্ট পর্যন্ত এই নিষেধাজ্ঞা বলবৎ থাকবে। মাছের প্রজনন মৌসুম বিবেচনায় এই সিদ্ধান্ত নেওয়া হয়েছে বলে বন বিভাগ সূত্রে জানা গেছে। এই সময়ে সুন্দরবনে প্রবেশের অনুমতিও বন্ধ থাকবে। জেলেদের জন্য বিকল্প কর্মসংস্থান ও খাদ্য সহায়তার ব্যবস্থা করা হবে।

কাউখালীতে এলপিজি সিলিন্ডারের দামে নৈরাজ্য, নেই তদারকি

কাউখালী (পিরোজপুর) সংবাদদাতা ঃ কাউখালী উপজেলায় তরলীকৃত পেট্রোলিয়াম গ্যাস এলপিজি সিলিন্ডারের দামে চরম নৈরাজ্য বিরাজ করছে। সরকার নির্ধারিত দামের চেয়ে অনেক বেশি দামে সিলিন্ডার বিক্রি হচ্ছে।

বাংলাদেশ এনার্জি রেগুলেটরি কমিশন বিইআরসি নির্ধারিত মূল্য অনুযায়ী ১২ কেজি এলপিজি সিলিন্ডারের দাম ১ হাজার ৪২৫ টাকা হলেও স্থানীয় বাজারে তা বিক্রি হচ্ছে ১ হাজার ৬০০ থেকে ১ হাজার ৭০০ টাকায়।

ক্রেতারা জানান, খুচরা বিক্রেতারা ইচ্ছেমতো দাম নিচ্ছেন। কোনো তদারকি না থাকায় তারা বেপরোয়া হয়ে উঠেছেন। প্রতিটি সিলিন্ডারে অতিরিক্ত ২০০ থেকে ৩০০ টাকা বেশি গুনতে হচ্ছে সাধারণ মানুষকে।

নাম প্রকাশে অনিচ্ছুক এক বিক্রেতা বলেন, ডিলারদের কাছ থেকেই বেশি দামে কিনতে হয়। পরিবহন খরচও বেড়েছে। তাই বাধ্য হয়ে বেশি দামে বিক্রি করতে হচ্ছে। তবে ক্রেতারা এই যুক্তি মানতে নারাজ।

উপজেলা নির্বাহী কর্মকর্তা বলেন, বিষয়টি আমাদের নজরে এসেছে। শিগগিরই ভ্রাম্যমাণ আদালত পরিচালনা করা হবে। অতিরিক্ত দাম আদায়ের প্রমাণ পাওয়া গেলে জরিমানাসহ আইনানুগ ব্যবস্থা নেওয়া হবে।

ভোক্তা অধিকার সংরক্ষণ অধিদপ্তরের কর্মকর্তারা জানান, অভিযোগ পেলে তাৎক্ষণিক ব্যবস্থা নেওয়া হয়। তবে নিয়মিত তদারকির জন্য জনবল সংকট রয়েছে। স্থানীয় প্রশাসনের সহযোগিতায় অভিযান পরিচালনা করা হবে।

দিয়ে শুনুন, নোট নিন ঃ মন্ত্রীদের ডেপুটি স্পিকার

সংসদ প্রতিবেদক ঃ সংসদ সদস্যদের বক্তব্য মনোযোগ দিয়ে শুনে নোট নেওয়ার জন্য মন্ত্রীদের প্রতি আহ্বান জানিয়েছেন ডেপুটি স্পিকার।

তিনি বলেন, সংসদ সদস্যরা জনগণের প্রতিনিধি। তারা নিজ নিজ এলাকার সমস্যা তুলে ধরেন। সেগুলো সমাধানে মন্ত্রণালয়ের উদ্যোগ নেওয়া উচিত।

অধিবেশনে সভাপতিত্ব করার সময় সরকারি ও বিরোধী দলের সংসদ সদস্যদের বক্তব্যের প্রেক্ষাপটে এই মন্তব্য করেন তিনি। ডেপুটি স্পিকার বলেন, অনেক সময় দেখা যায় সংসদ সদস্যরা নিজ নিজ এলাকার সমস্যা তুলে ধরেন। তখন সংশ্লিষ্ট অনেক মন্ত্রীকেই তা মনোযোগ দিয়ে শুনছেন না বা নোট নিচ্ছেন না।

তিনি আরও বলেন, সংসদীয় গণতন্ত্রে জবাবদিহিতা নিশ্চিত করা জরুরি। সংসদ সদস্যদের উত্থাপিত বিষয়গুলোর যথাযথ উত্তর দিতে হবে। এ বিষয়ে মন্ত্রণালয়গুলোকে আরও সক্রিয় হওয়ার পরামর্শ দেন তিনি।

সংসদ অধিবেশনে উপস্থিতি বাড়ানোর বিষয়েও গুরুত্ব আরোপ করা হয়। কোরাম সংকটের কারণে অনেক সময় অধিবেশন বিলম্বিত হয় বলে উল্লেখ করা হয়। সংসদ সদস্যদের নিয়মিত উপস্থিত থাকার আহ্বান জানানো হয়েছে।

কেয়ারটেকার আবশ্যক
বাড়ির দেখাশোনা ও নিরাপত্তার ডিউটির জন্য কেয়ারটেকার থাকার জন্য ব্যবস্থা আছে।
পারভীন প্লাজা।
০১৯১১-৫৪৬৭৪২
নাক কান গলা বিশেষজ্ঞ
আধুনিক মেশিনের মাধ্যমে রোগী চাইলে রোগ দেখতে পারেন
প্রফেসর ডাঃ মোঃ মহসীন
M.B.B.S, M.Sc (ENT) UK
বিভাগীয় প্রধান (এক্স)
খুলনা মেডিকেল কলেজ হাসপাতাল।
আঙ্গা ডায়াগনস্টিক সেন্টার
৪৪/২, খানজাহান আলী রোড, খুলনা
সময় ঃ দুপুর ১২টা-দুপুর ২টা, বিকাল ৫টা-রাত ৮টা
সিরিয়ালের জন্য ঃ ০১৭১৫-২১২৩২৭
আর-৩৮৫
জমি ও বাড়ী বিক্রয়
খুলনা পল্লী বিদ্যুৎ অফিসের পাশে রেল লাইন সংলগ্ন তিন কাঠা প্লট, জয় বাংলা মোড়ে মেইন রাস্তার সাথে সাত কাঠা বাণিজ্যিক প্লট এবং শেখপাড়া বাজারের পার্শ্বে দুই কাঠা জায়গাসহ তিন তলা বাড়ী সুলভ মূল্যে বিক্রয় হইবে।
মোবাইলঃ ০১৭১২-২৩০৮৫৯ (WhatsApp)
আর-৩৯২
৩৬০° অডিও-এনাল আল্ট্রাসাউন্ড
ডুপ্লেক্স কালার ডপলার, পিত্তথলী, লিভার, কিডনী, প্রোস্টেট, জরায়ু, ডিম্বাশয়সহ পেটের সকল অঙ্গ পরীক্ষা করা হয়।
ডাঃ মোঃ রফিকুল ইসলাম সিংহ
MBBS, MS, FRCS, FACS, FASCRS
আর-৪৪৭
খুলনা গ্যালারী, আলমনগর, খুলনা।
সকাল ৯টা-রাত ৯টা পর্যন্ত খোলা
০১৯৪৫-৫৭৮৬৫৬, ০১৩৭৮-৮৭৩৮৬৫
আর-৪১৬
৪ কাঠা জমির উপরে তিনতলা বিল্ডিংসহ জমি বিক্রয় হইবে
জমির দাগ নং ১০৭১, ১০৭৬৬ এবং ১০৭৬৮, নিষ্কন্টক জমি বিক্রয় হইবে। যোগাযোগের ঠিকানাঃ ৬৬/৮, শেখপাড়া মেইন রোড, খুলনা।
মোঃ হোসেন চৌধুরী
মোবা: ০১৭১৬-১৮৫০৮৮
বাণিজ্যিক এলাকা
আর-৩৪৭
শুধুমাত্র পিত্তপাথর রোগীদের জন্য সুখবর
অপারেশন ছাড়াই আধুনিক চিকিৎসার মাধ্যমে পিত্তথলীর পাথর অপসারণ করা হয়। অভিজ্ঞ চিকিৎসকের তত্ত্বাবধানে সেবা প্রদান করা হয়।
মোহাম্মদ হোমিওপ্যাথি
সামনে মেডিসিনের মাধ্যমে চিকিৎসা দেওয়া হয়।
যোগাযোগঃ
০২-৪৮৭৭২২৯৮, ০১৭২-১১৩৮০০
আর-৩৬৪
